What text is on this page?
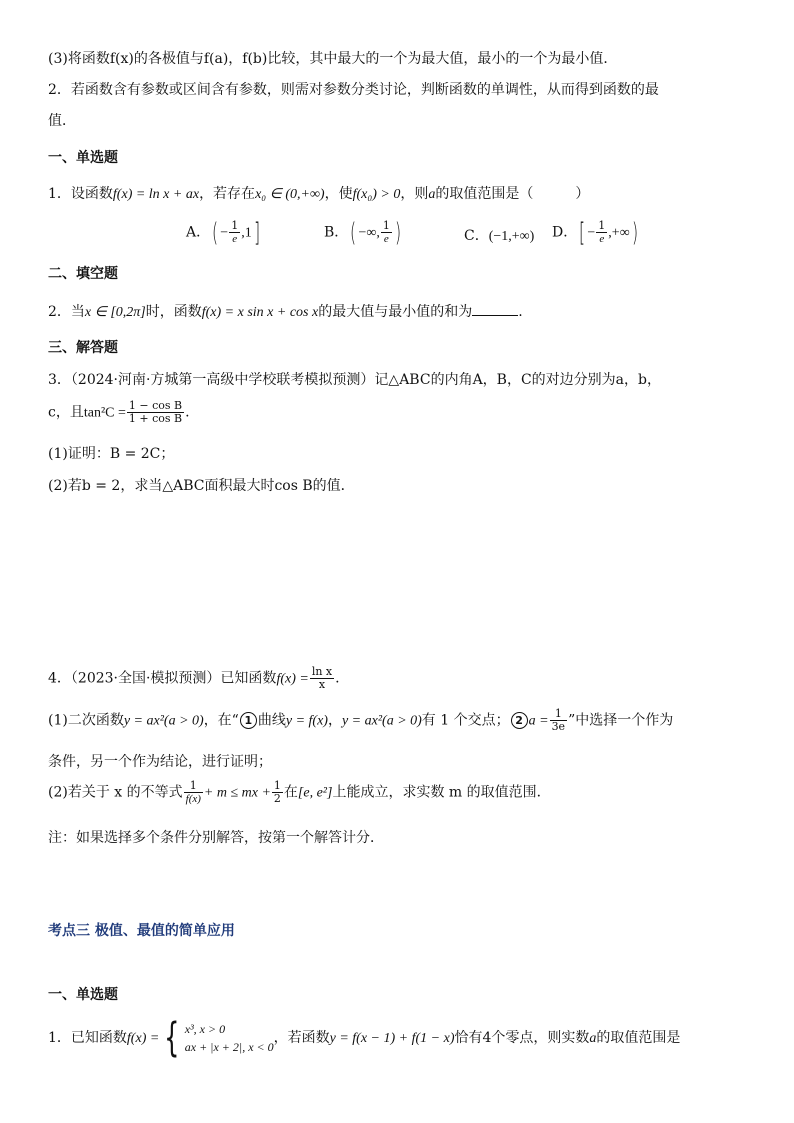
(3)将函数f(x)的各极值与f(a)，f(b)比较，其中最大的一个为最大值，最小的一个为最小值．
2．若函数含有参数或区间含有参数，则需对参数分类讨论，判断函数的单调性，从而得到函数的最
值．
一、单选题
1．设函数f(x) = ln x + ax，若存在x₀ ∈ (0,+∞)，使f(x₀) > 0，则a的取值范围是（　　　）
A．( − $\frac{1}{e} ,1$]	B．( −∞, $\frac{1}{e}$ )	C．(−1,+∞) D．[ − $\frac{1}{e}$ ,+∞)
二、填空题
2．当x ∈ [0,2π]时，函数f(x) = x sin x + cos x的最大值与最小值的和为	.
三、解答题
3．（2024·河南·方城第一高级中学校联考模拟预测）记△ABC的内角A，B，C的对边分别为a，b，
c，且$\tan^2C = \frac{\text{1 − cos B}}{\text{1 + cos B}}$ .
(1)证明：B = 2C；
(2)若b = 2，求当△ABC面积最大时cos B的值．
4．（2023·全国·模拟预测）已知函数$f(x) = \frac{\text{ln x}}{x}$ .
(1)二次函数y = ax²(a > 0)，在“ 1 曲线y = f(x)，y = ax²(a > 0)有 1 个交点； 2 $a = \frac{1}{3e}$ ”中选择一个作为
条件，另一个作为结论，进行证明；
(2)若关于 x 的不等式 $\frac{1}{f(x)} + m$ ≤ mx + $\frac{1}{2}$ 在[e, e²]上能成立，求实数 m 的取值范围．
注：如果选择多个条件分别解答，按第一个解答计分．
考点三 极值、最值的简单应用
一、单选题
1．已知函数f(x) = { x³, x > 0
ax + |x + 2|, x < 0
，若函数y = f(x − 1) + f(1 − x)恰有4个零点，则实数a的取值范围是
